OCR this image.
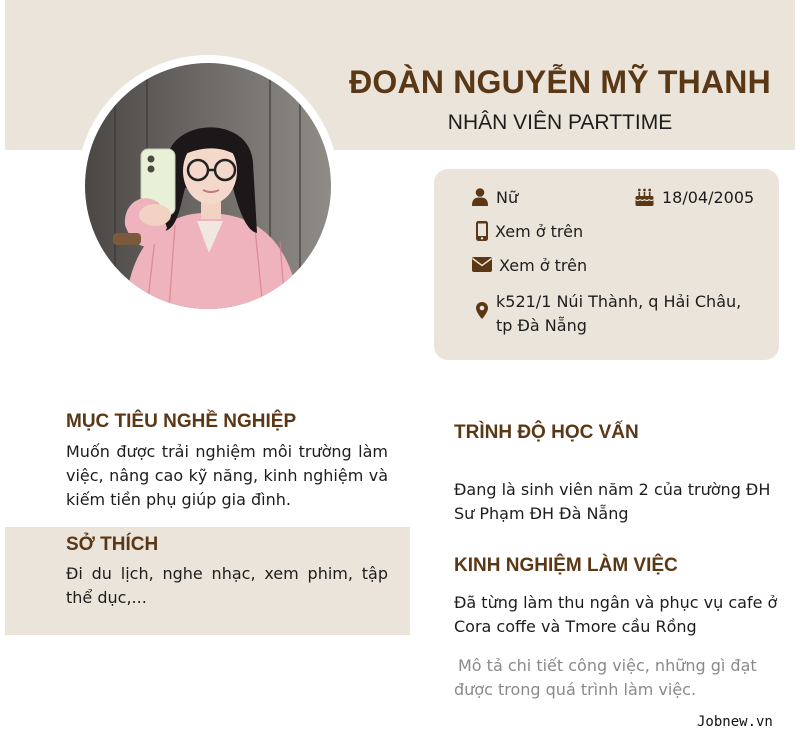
ĐOÀN NGUYỄN MỸ THANH
NHÂN VIÊN PARTTIME
Nữ	18/04/2005
Xem ở trên
Xem ở trên
k521/1 Núi Thành, q Hải Châu, tp Đà Nẵng
MỤC TIÊU NGHỀ NGHIỆP
Muốn được trải nghiệm môi trường làm việc, nâng cao kỹ năng, kinh nghiệm và kiếm tiền phụ giúp gia đình.
SỞ THÍCH
Đi du lịch, nghe nhạc, xem phim, tập thể dục,...
TRÌNH ĐỘ HỌC VẤN
Đang là sinh viên năm 2 của trường ĐH Sư Phạm ĐH Đà Nẵng
KINH NGHIỆM LÀM VIỆC
Đã từng làm thu ngân và phục vụ cafe ở Cora coffe và Tmore cầu Rồng
Mô tả chi tiết công việc, những gì đạt được trong quá trình làm việc.
Jobnew.vn
